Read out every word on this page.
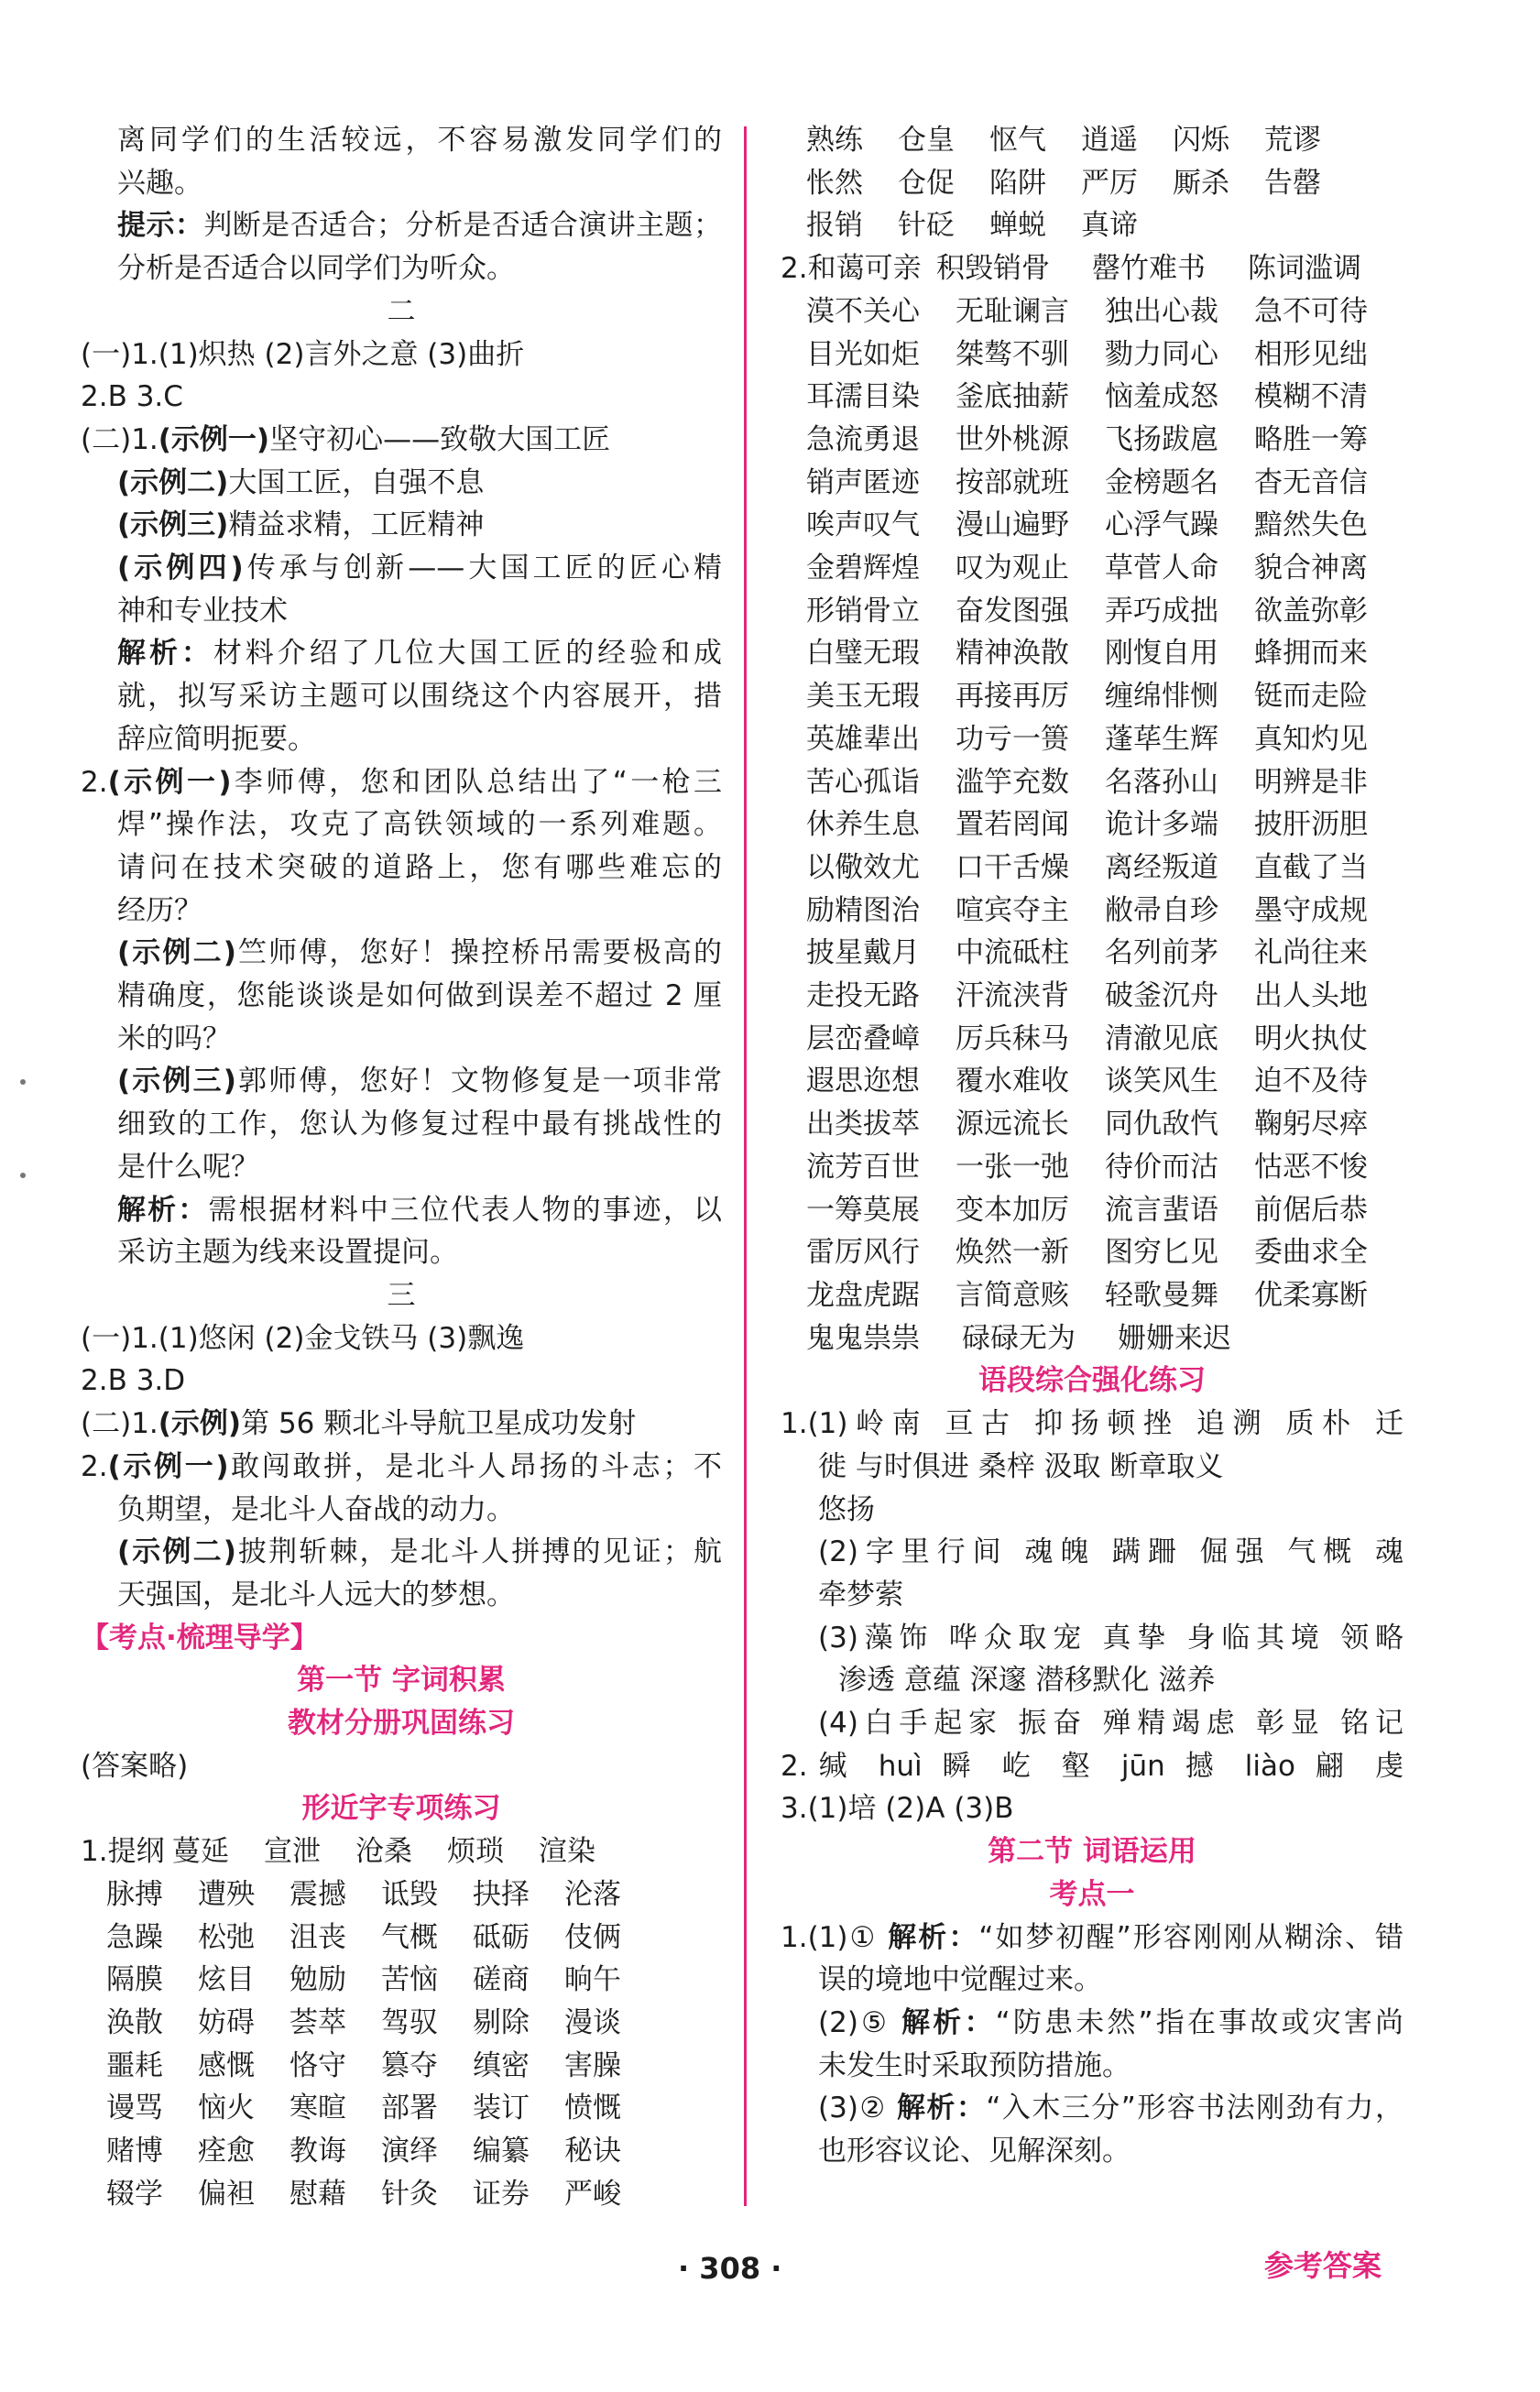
离同学们的生活较远，不容易激发同学们的
兴趣。
提示：判断是否适合；分析是否适合演讲主题；
分析是否适合以同学们为听众。
二
(一)1.(1)炽热 (2)言外之意 (3)曲折
2.B 3.C
(二)1.(示例一)坚守初心——致敬大国工匠
(示例二)大国工匠，自强不息
(示例三)精益求精，工匠精神
(示例四)传承与创新——大国工匠的匠心精
神和专业技术
解析：材料介绍了几位大国工匠的经验和成
就，拟写采访主题可以围绕这个内容展开，措
辞应简明扼要。
2.(示例一)李师傅，您和团队总结出了“一枪三
焊”操作法，攻克了高铁领域的一系列难题。
请问在技术突破的道路上，您有哪些难忘的
经历？
(示例二)竺师傅，您好！操控桥吊需要极高的
精确度，您能谈谈是如何做到误差不超过 2 厘
米的吗？
(示例三)郭师傅，您好！文物修复是一项非常
细致的工作，您认为修复过程中最有挑战性的
是什么呢？
解析：需根据材料中三位代表人物的事迹，以
采访主题为线来设置提问。
三
(一)1.(1)悠闲 (2)金戈铁马 (3)飘逸
2.B 3.D
(二)1.(示例)第 56 颗北斗导航卫星成功发射
2.(示例一)敢闯敢拼，是北斗人昂扬的斗志；不
负期望，是北斗人奋战的动力。
(示例二)披荆斩棘，是北斗人拼搏的见证；航
天强国，是北斗人远大的梦想。
【考点·梳理导学】
第一节 字词积累
教材分册巩固练习
(答案略)
形近字专项练习
1.提纲 蔓延	宣泄	沧桑	烦琐	渲染
脉搏	遭殃	震撼	诋毁	抉择	沦落
急躁	松弛	沮丧	气概	砥砺	伎俩
隔膜	炫目	勉励	苦恼	磋商	晌午
涣散	妨碍	荟萃	驾驭	剔除	漫谈
噩耗	感慨	恪守	篡夺	缜密	害臊
谩骂	恼火	寒暄	部署	装订	愤慨
赌博	痊愈	教诲	演绎	编纂	秘诀
辍学	偏袒	慰藉	针灸	证券	严峻
熟练	仓皇	怄气	逍遥	闪烁	荒谬
怅然	仓促	陷阱	严厉	厮杀	告罄
报销	针砭	蝉蜕	真谛
2.和蔼可亲 积毁销骨	罄竹难书	陈词滥调
漠不关心	无耻谰言	独出心裁	急不可待
目光如炬	桀骜不驯	勠力同心	相形见绌
耳濡目染	釜底抽薪	恼羞成怒	模糊不清
急流勇退	世外桃源	飞扬跋扈	略胜一筹
销声匿迹	按部就班	金榜题名	杳无音信
唉声叹气	漫山遍野	心浮气躁	黯然失色
金碧辉煌	叹为观止	草菅人命	貌合神离
形销骨立	奋发图强	弄巧成拙	欲盖弥彰
白璧无瑕	精神涣散	刚愎自用	蜂拥而来
美玉无瑕	再接再厉	缠绵悱恻	铤而走险
英雄辈出	功亏一篑	蓬荜生辉	真知灼见
苦心孤诣	滥竽充数	名落孙山	明辨是非
休养生息	置若罔闻	诡计多端	披肝沥胆
以儆效尤	口干舌燥	离经叛道	直截了当
励精图治	喧宾夺主	敝帚自珍	墨守成规
披星戴月	中流砥柱	名列前茅	礼尚往来
走投无路	汗流浃背	破釜沉舟	出人头地
层峦叠嶂	厉兵秣马	清澈见底	明火执仗
遐思迩想	覆水难收	谈笑风生	迫不及待
出类拔萃	源远流长	同仇敌忾	鞠躬尽瘁
流芳百世	一张一弛	待价而沽	怙恶不悛
一筹莫展	变本加厉	流言蜚语	前倨后恭
雷厉风行	焕然一新	图穷匕见	委曲求全
龙盘虎踞	言简意赅	轻歌曼舞	优柔寡断
鬼鬼祟祟	碌碌无为	姗姗来迟
语段综合强化练习
1.(1)岭南 亘古 抑扬顿挫 追溯 质朴 迁
徙 与时俱进 桑梓 汲取 断章取义
悠扬
(2)字里行间 魂魄 蹒跚 倔强 气概 魂
牵梦萦
(3)藻饰 哗众取宠 真挚 身临其境 领略
渗透 意蕴 深邃 潜移默化 滋养
(4)白手起家 振奋 殚精竭虑 彰显 铭记
2.缄 huì 瞬 屹 壑 jūn 撼 liào 翩 虔
3.(1)培 (2)A (3)B
第二节 词语运用
考点一
1.(1)① 解析：“如梦初醒”形容刚刚从糊涂、错
误的境地中觉醒过来。
(2)⑤ 解析：“防患未然”指在事故或灾害尚
未发生时采取预防措施。
(3)② 解析：“入木三分”形容书法刚劲有力，
也形容议论、见解深刻。
· 308 ·	参考答案
